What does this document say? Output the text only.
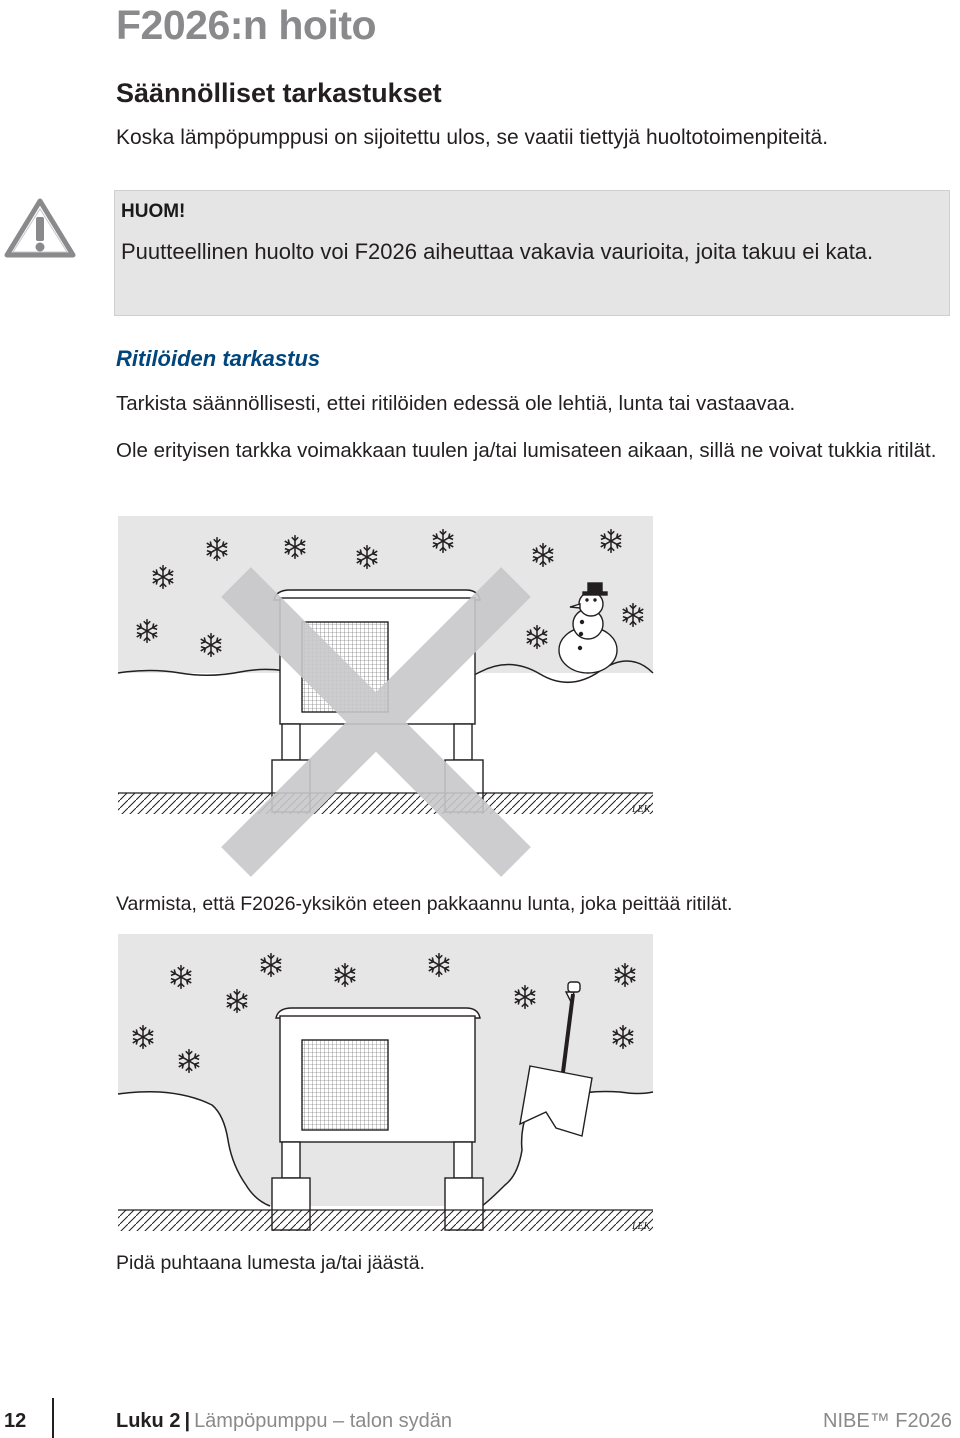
F2026:n hoito
Säännölliset tarkastukset
Koska lämpöpumppusi on sijoitettu ulos, se vaatii tiettyjä huoltotoimenpiteitä.
HUOM!
Puutteellinen huolto voi F2026 aiheuttaa vakavia vaurioita, joita takuu ei kata.
Ritilöiden tarkastus
Tarkista säännöllisesti, ettei ritilöiden edessä ole lehtiä, lunta tai vastaavaa.
Ole erityisen tarkka voimakkaan tuulen ja/tai lumisateen aikaan, sillä ne voivat tukkia ritilät.
LEK
Varmista, että F2026-yksikön eteen pakkaannu lunta, joka peittää ritilät.
LEK
Pidä puhtaana lumesta ja/tai jäästä.
12	Luku 2 | Lämpöpumppu – talon sydän	NIBE™ F2026
